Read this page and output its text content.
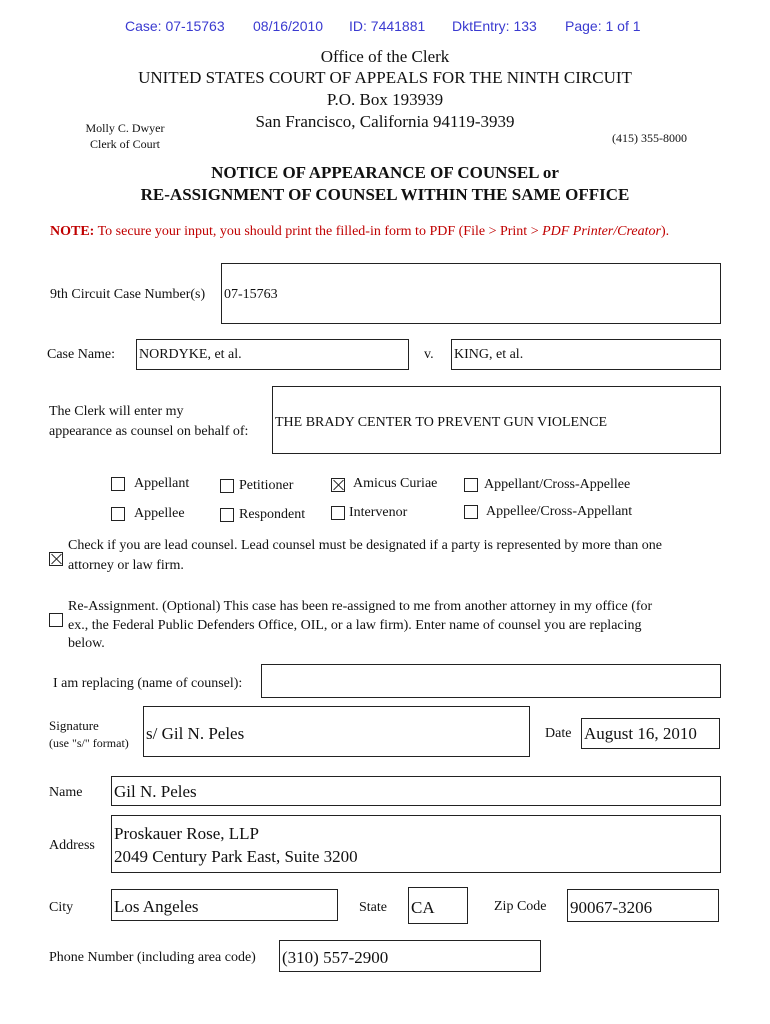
Case: 07-15763 08/16/2010 ID: 7441881 DktEntry: 133 Page: 1 of 1
Office of the Clerk
UNITED STATES COURT OF APPEALS FOR THE NINTH CIRCUIT
P.O. Box 193939
San Francisco, California 94119-3939
Molly C. Dwyer
Clerk of Court	(415) 355-8000
NOTICE OF APPEARANCE OF COUNSEL or
RE-ASSIGNMENT OF COUNSEL WITHIN THE SAME OFFICE
NOTE: To secure your input, you should print the filled-in form to PDF (File > Print > PDF Printer/Creator).
9th Circuit Case Number(s) 07-15763
Case Name: NORDYKE, et al.	v. KING, et al.
The Clerk will enter my
appearance as counsel on behalf of:
THE BRADY CENTER TO PREVENT GUN VIOLENCE
Appellant	Petitioner	Amicus Curiae	Appellant/Cross-Appellee
Appellee	Respondent	Intervenor	Appellee/Cross-Appellant
Check if you are lead counsel. Lead counsel must be designated if a party is represented by more than one
attorney or law firm.
Re-Assignment. (Optional) This case has been re-assigned to me from another attorney in my office (for
ex., the Federal Public Defenders Office, OIL, or a law firm). Enter name of counsel you are replacing
below.
I am replacing (name of counsel):
Signature
(use "s/" format) s/ Gil N. Peles	Date August 16, 2010
Name Gil N. Peles
Address
Proskauer Rose, LLP
2049 Century Park East, Suite 3200
City Los Angeles	State CA	Zip Code 90067-3206
Phone Number (including area code) (310) 557-2900
